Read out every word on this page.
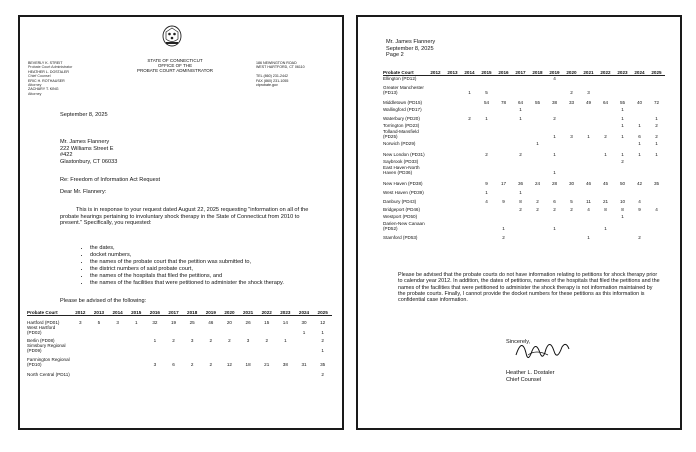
STATE OF CONNECTICUT
OFFICE OF THE
PROBATE COURT ADMINISTRATOR
BEVERLY K. STREIT
Probate Court Administrator
HEATHER L. DOSTALER
Chief Counsel
ERIC H. ROTHAUSER
Attorney
ZACHARY T. KING
Attorney
186 NEWINGTON ROAD
WEST HARTFORD, CT 06110

TEL (860) 231-2442
FAX (860) 231-1055
ctprobate.gov
September 8, 2025
Mr. James Flannery
222 Williams Street E
#422
Glastonbury, CT 06033
Re: Freedom of Information Act Request
Dear Mr. Flannery:
This is in response to your request dated August 22, 2025 requesting "information on all of the probate hearings pertaining to involuntary shock therapy in the State of Connecticut from 2010 to present." Specifically, you requested:
• the dates,
• docket numbers,
• the names of the probate court that the petition was submitted to,
• the district numbers of said probate court,
• the names of the hospitals that filed the petitions, and
• the names of the facilities that were petitioned to administer the shock therapy.
Please be advised of the following:
Probate Court	2012	2013	2014	2015	2016	2017	2018	2019	2020	2021	2022	2023	2024	2025
Hartford (PD01)	3	5	3	1	32	19	25	46	20	26	15	14	30	12
West Hartford (PD02)													1	1
Berlin (PD08)					1	2	3	2	2	3	2	1		2
Simsbury Regional (PD09)														1
Farmington Regional (PD10)					3	6	2	2	12	18	21	38	31	35
North Central (PD11)														2
Mr. James Flannery
September 8, 2025
Page 2
Probate Court	2012	2013	2014	2015	2016	2017	2018	2019	2020	2021	2022	2023	2024	2025
Ellington (PD12)								4						
Greater Manchester (PD13)			1	5					2	3				
Middletown (PD15)				54	78	64	55	38	33	49	64	55	40	72
Wallingford (PD17)						1						1		
Waterbury (PD20)			2	1		1		2				1		1
Torrington (PD23)												1	1	2
Tolland-Mansfield (PD25)								1	3	1	2	1	6	2
Norwich (PD29)							1						1	1
New London (PD31)				2		2		1			1	1	1	1
Saybrook (PD33)												2		
East Haven-North Haven (PD36)								1						
New Haven (PD38)				9	17	36	24	28	30	46	45	50	42	35
West Haven (PD39)				1		1								
Danbury (PD43)				4	9	8	2	6	5	11	21	10	4	
Bridgeport (PD46)						2	2	2	2	4	8	8	9	4
Westport (PD50)												1		
Darien-New Canaan (PD52)					1			1			1			
Stamford (PD53)					2					1			2	
Please be advised that the probate courts do not have information relating to petitions for shock therapy prior to calendar year 2012. In addition, the dates of petitions, names of the hospitals that filed the petitions and the names of the facilities that were petitioned to administer the shock therapy is not information maintained by the probate courts. Finally, I cannot provide the docket numbers for these petitions as this information is confidential case information.
Sincerely,
Heather L. Dostaler
Chief Counsel
